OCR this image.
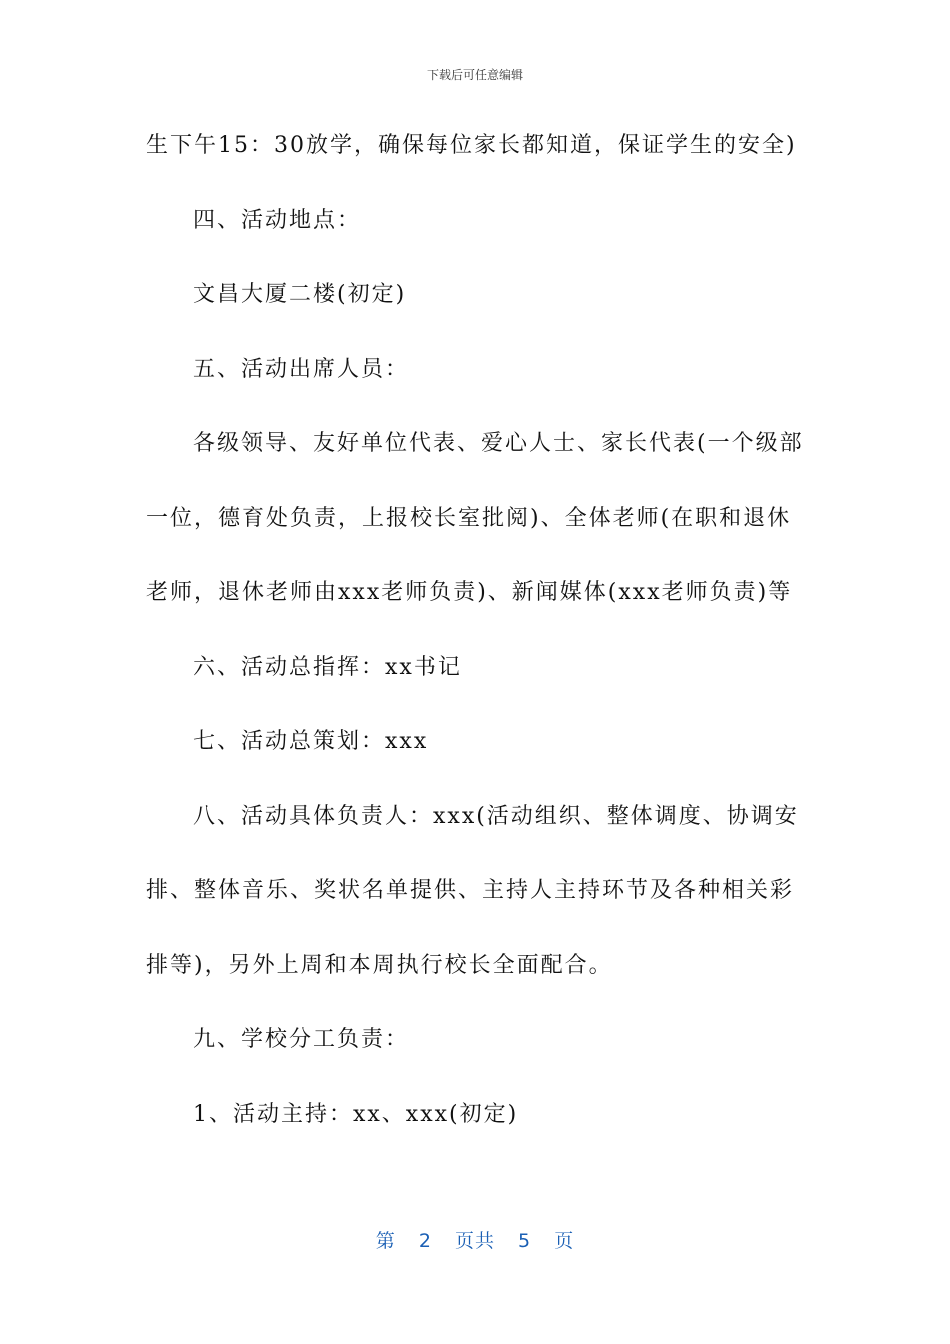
下载后可任意编辑
生下午15：30放学，确保每位家长都知道，保证学生的安全)
四、活动地点：
文昌大厦二楼(初定)
五、活动出席人员：
各级领导、友好单位代表、爱心人士、家长代表(一个级部
一位，德育处负责，上报校长室批阅)、全体老师(在职和退休
老师，退休老师由xxx老师负责)、新闻媒体(xxx老师负责)等
六、活动总指挥：xx书记
七、活动总策划：xxx
八、活动具体负责人：xxx(活动组织、整体调度、协调安
排、整体音乐、奖状名单提供、主持人主持环节及各种相关彩
排等)，另外上周和本周执行校长全面配合。
九、学校分工负责：
1、活动主持：xx、xxx(初定)
第 2 页共 5 页
